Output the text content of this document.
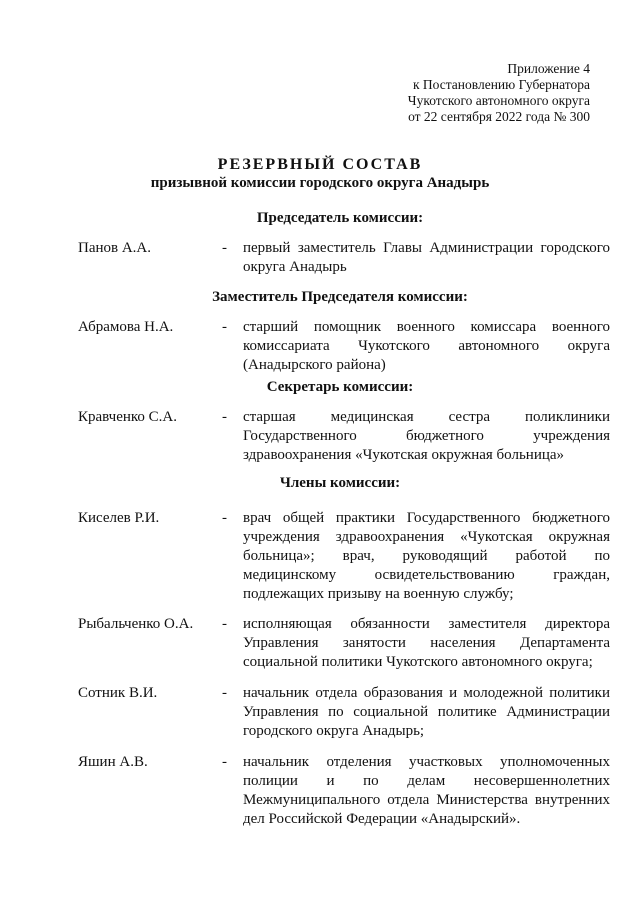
Приложение 4
к Постановлению Губернатора
Чукотского автономного округа
от 22 сентября 2022 года № 300
РЕЗЕРВНЫЙ СОСТАВ
призывной комиссии городского округа Анадырь
Председатель комиссии:
Панов А.А.	- первый заместитель Главы Администрации городского
округа Анадырь
Заместитель Председателя комиссии:
Абрамова Н.А.	- старший помощник военного комиссара военного
комиссариата Чукотского автономного округа
(Анадырского района)
Секретарь комиссии:
Кравченко С.А.	- старшая медицинская сестра поликлиники
Государственного бюджетного учреждения
здравоохранения «Чукотская окружная больница»
Члены комиссии:
Киселев Р.И.	- врач общей практики Государственного бюджетного
учреждения здравоохранения «Чукотская окружная
больница»; врач, руководящий работой по
медицинскому освидетельствованию граждан,
подлежащих призыву на военную службу;
Рыбальченко О.А. - исполняющая обязанности заместителя директора
Управления занятости населения Департамента
социальной политики Чукотского автономного округа;
Сотник В.И.	- начальник отдела образования и молодежной политики
Управления по социальной политике Администрации
городского округа Анадырь;
Яшин А.В.	- начальник отделения участковых уполномоченных
полиции и по делам несовершеннолетних
Межмуниципального отдела Министерства внутренних
дел Российской Федерации «Анадырский».
